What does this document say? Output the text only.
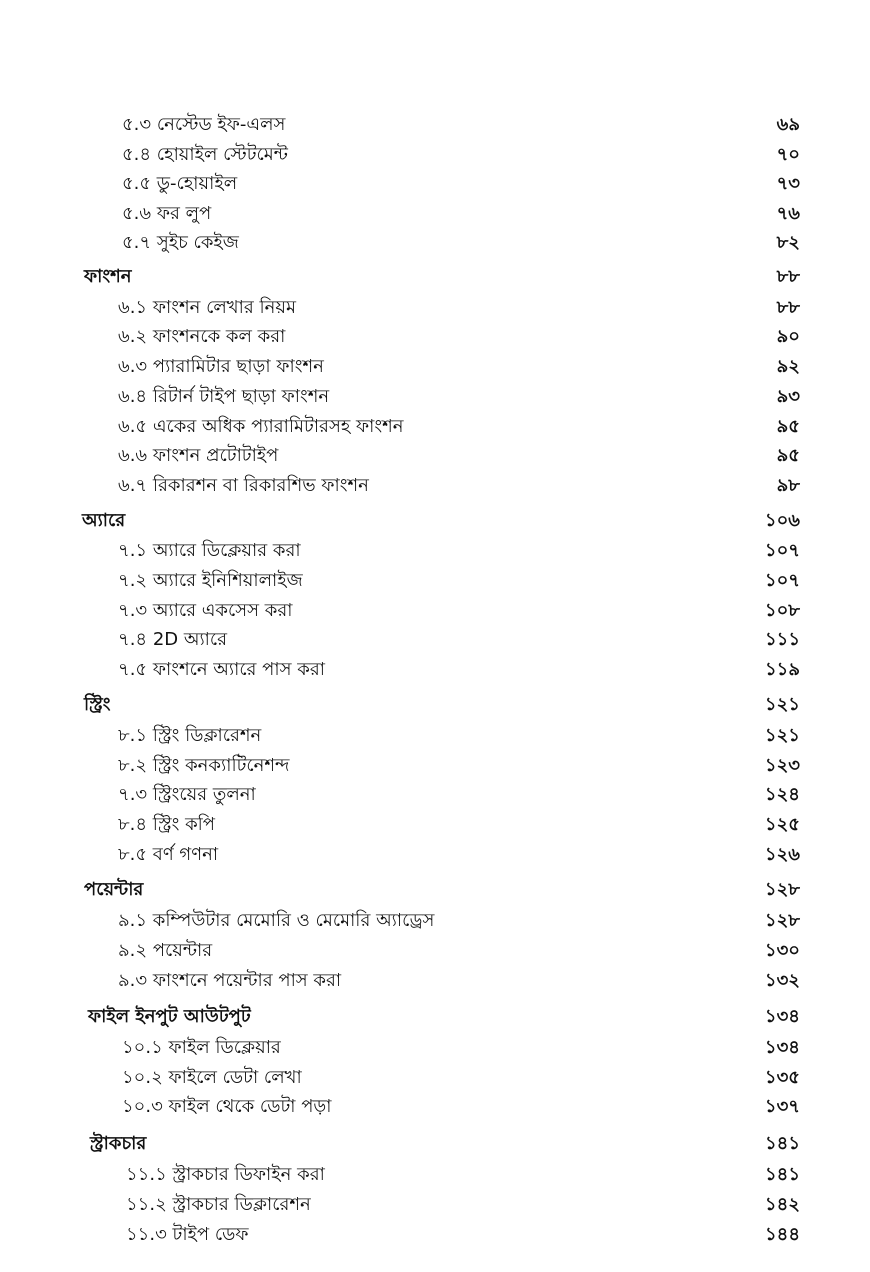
৫.৩ নেস্টেড ইফ-এলস	৬৯
৫.৪ হোয়াইল স্টেটমেন্ট	৭০
৫.৫ ডু-হোয়াইল	৭৩
৫.৬ ফর লুপ	৭৬
৫.৭ সুইচ কেইজ	৮২
ফাংশন	৮৮
৬.১ ফাংশন লেখার নিয়ম	৮৮
৬.২ ফাংশনকে কল করা	৯০
৬.৩ প্যারামিটার ছাড়া ফাংশন	৯২
৬.৪ রিটার্ন টাইপ ছাড়া ফাংশন	৯৩
৬.৫ একের অধিক প্যারামিটারসহ ফাংশন	৯৫
৬.৬ ফাংশন প্রটোটাইপ	৯৫
৬.৭ রিকারশন বা রিকারশিভ ফাংশন	৯৮
অ্যারে	১০৬
৭.১ অ্যারে ডিক্লেয়ার করা	১০৭
৭.২ অ্যারে ইনিশিয়ালাইজ	১০৭
৭.৩ অ্যারে একসেস করা	১০৮
৭.৪ 2D অ্যারে	১১১
৭.৫ ফাংশনে অ্যারে পাস করা	১১৯
স্ট্রিং	১২১
৮.১ স্ট্রিং ডিক্লারেশন	১২১
৮.২ স্ট্রিং কনক্যাটিনেশন্দ	১২৩
৭.৩ স্ট্রিংয়ের তুলনা	১২৪
৮.৪ স্ট্রিং কপি	১২৫
৮.৫ বর্ণ গণনা	১২৬
পয়েন্টার	১২৮
৯.১ কম্পিউটার মেমোরি ও মেমোরি অ্যাড্রেস	১২৮
৯.২ পয়েন্টার	১৩০
৯.৩ ফাংশনে পয়েন্টার পাস করা	১৩২
ফাইল ইনপুট আউটপুট	১৩৪
১০.১ ফাইল ডিক্লেয়ার	১৩৪
১০.২ ফাইলে ডেটা লেখা	১৩৫
১০.৩ ফাইল থেকে ডেটা পড়া	১৩৭
স্ট্রাকচার	১৪১
১১.১ স্ট্রাকচার ডিফাইন করা	১৪১
১১.২ স্ট্রাকচার ডিক্লারেশন	১৪২
১১.৩ টাইপ ডেফ	১৪৪
